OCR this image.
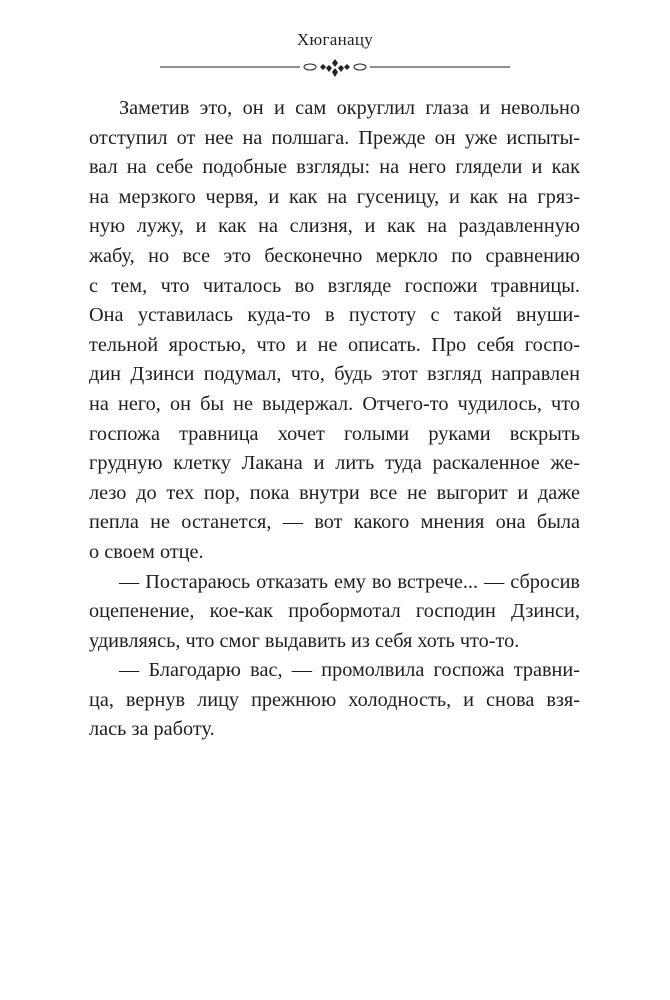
Хюганацу
Заметив это, он и сам округлил глаза и невольно
отступил от нее на полшага. Прежде он уже испыты-
вал на себе подобные взгляды: на него глядели и как
на мерзкого червя, и как на гусеницу, и как на гряз-
ную лужу, и как на слизня, и как на раздавленную
жабу, но все это бесконечно меркло по сравнению
с тем, что читалось во взгляде госпожи травницы.
Она уставилась куда-то в пустоту с такой внуши-
тельной яростью, что и не описать. Про себя госпо-
дин Дзинси подумал, что, будь этот взгляд направлен
на него, он бы не выдержал. Отчего-то чудилось, что
госпожа травница хочет голыми руками вскрыть
грудную клетку Лакана и лить туда раскаленное же-
лезо до тех пор, пока внутри все не выгорит и даже
пепла не останется, — вот какого мнения она была
о своем отце.
— Постараюсь отказать ему во встрече... — сбросив
оцепенение, кое-как пробормотал господин Дзинси,
удивляясь, что смог выдавить из себя хоть что-то.
— Благодарю вас, — промолвила госпожа травни-
ца, вернув лицу прежнюю холодность, и снова взя-
лась за работу.
